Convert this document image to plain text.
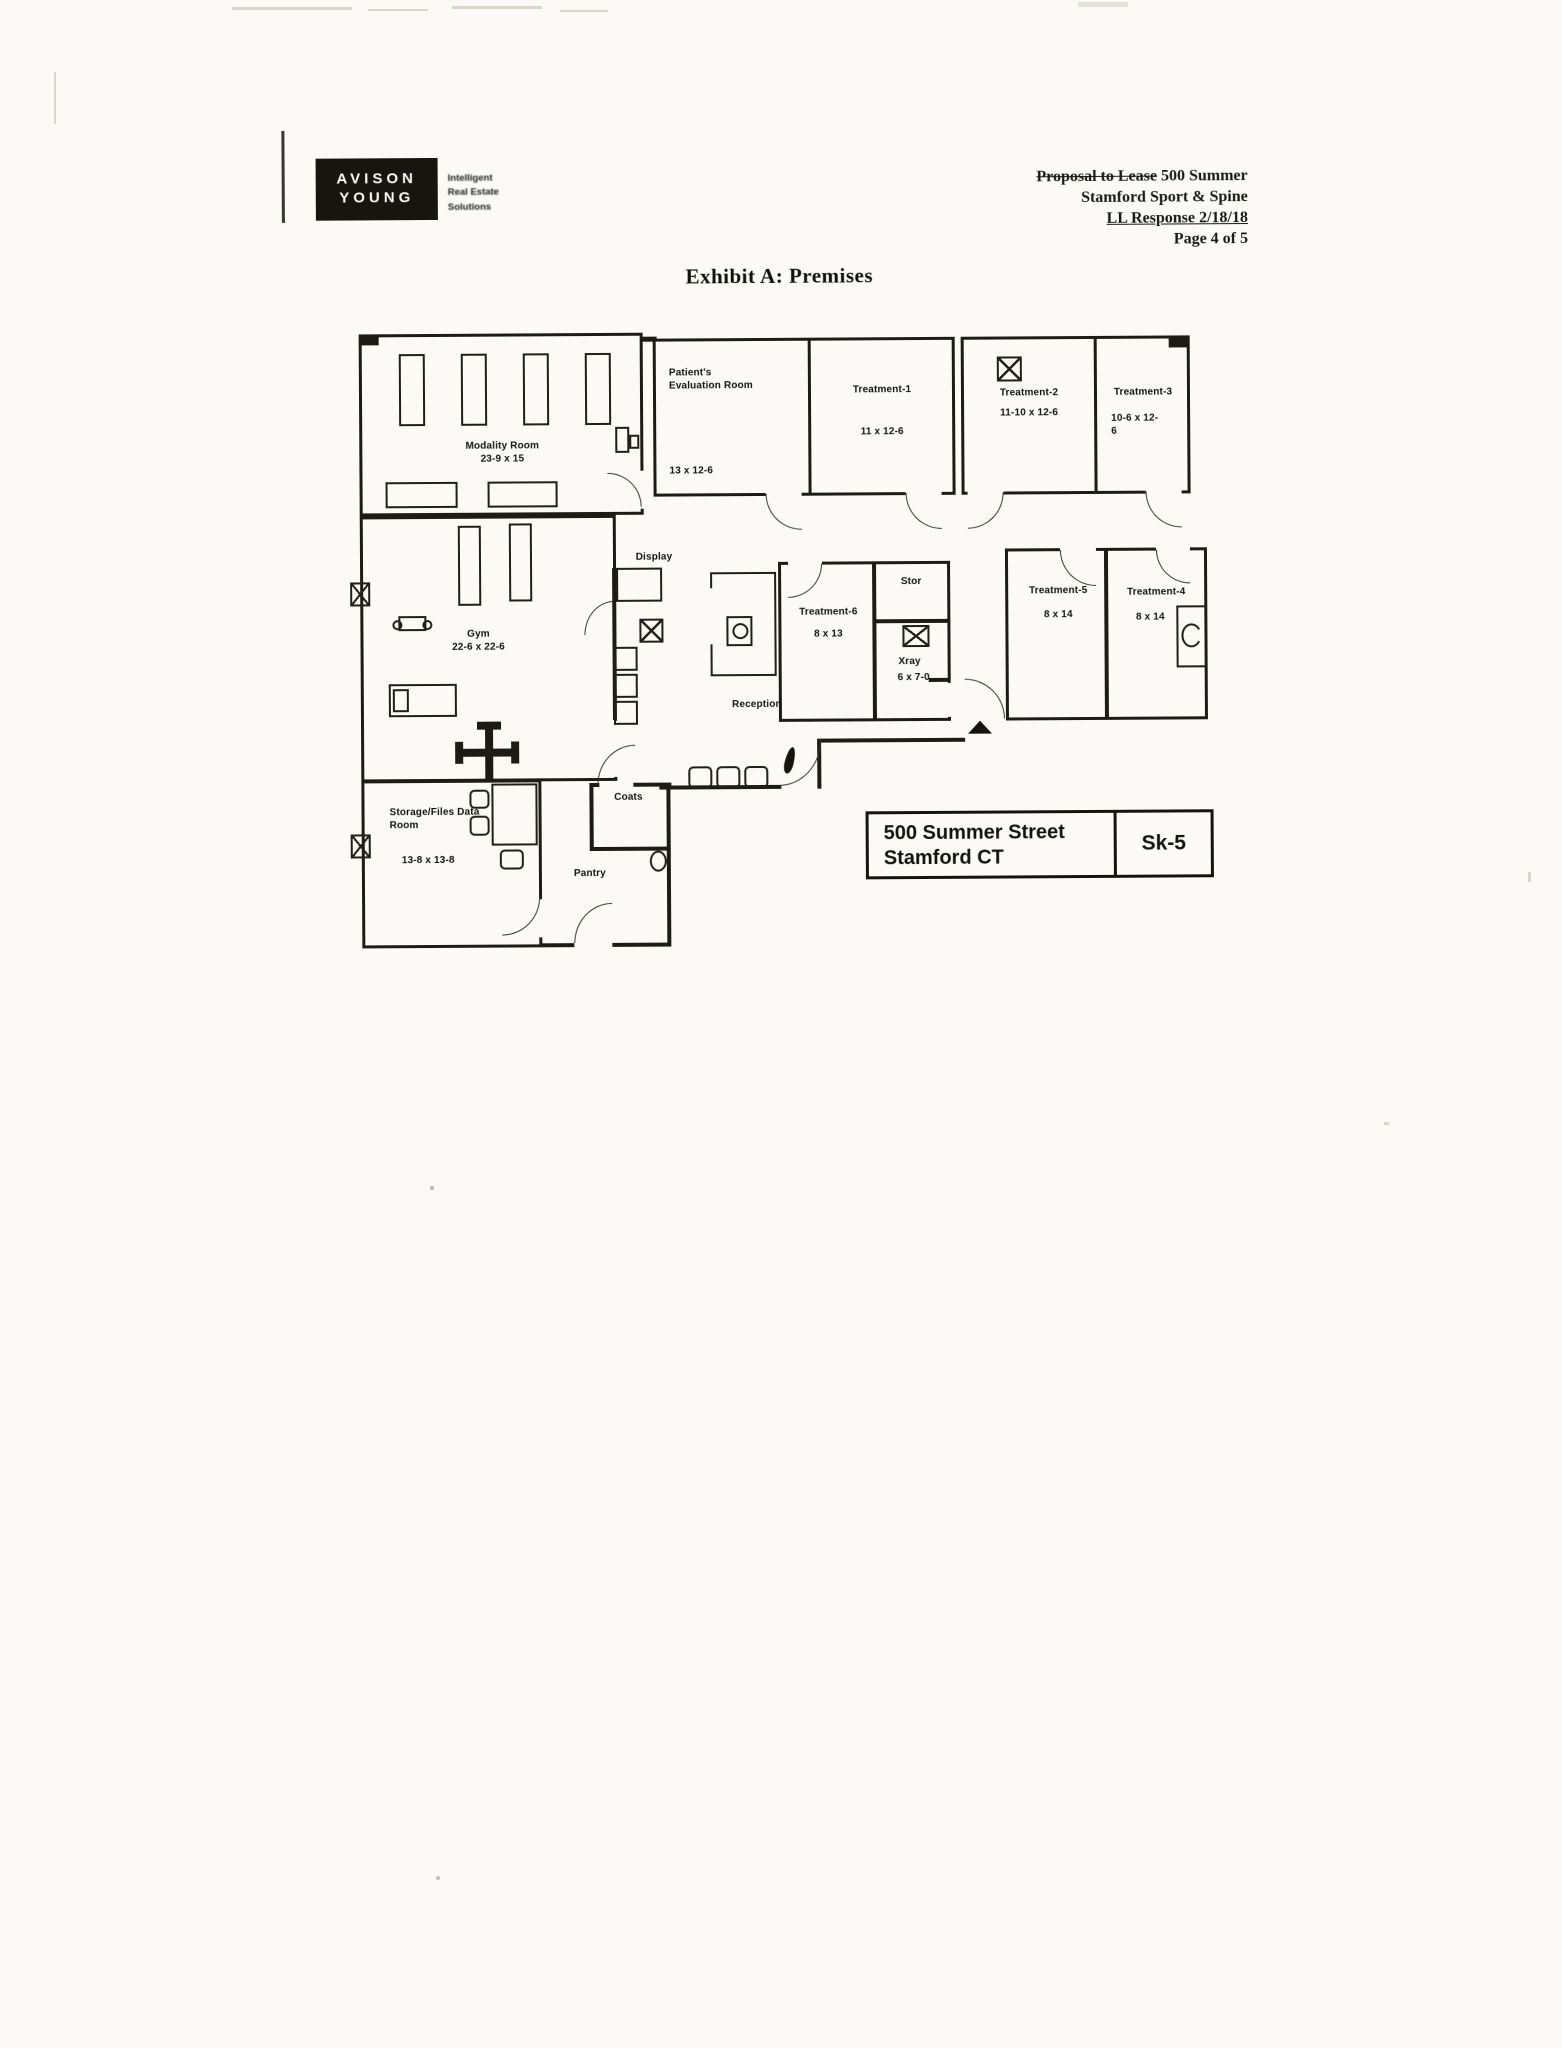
AVISON
YOUNG
Intelligent
Real Estate
Solutions
Proposal to Lease 500 Summer
Stamford Sport & Spine
LL Response 2/18/18
Page 4 of 5
Exhibit A: Premises
Modality Room
23-9 x 15
Patient's Evaluation Room
13 x 12-6
Treatment-1
11 x 12-6
Treatment-2
11-10 x 12-6
Treatment-3
10-6 x 12-6
Gym
22-6 x 22-6
Display
Reception
Treatment-6
8 x 13
Stor
Xray
6 x 7-0
Treatment-5
8 x 14
Treatment-4
8 x 14
Storage/Files Data Room
13-8 x 13-8
Coats
Pantry
500 Summer Street
Stamford CT
Sk-5
